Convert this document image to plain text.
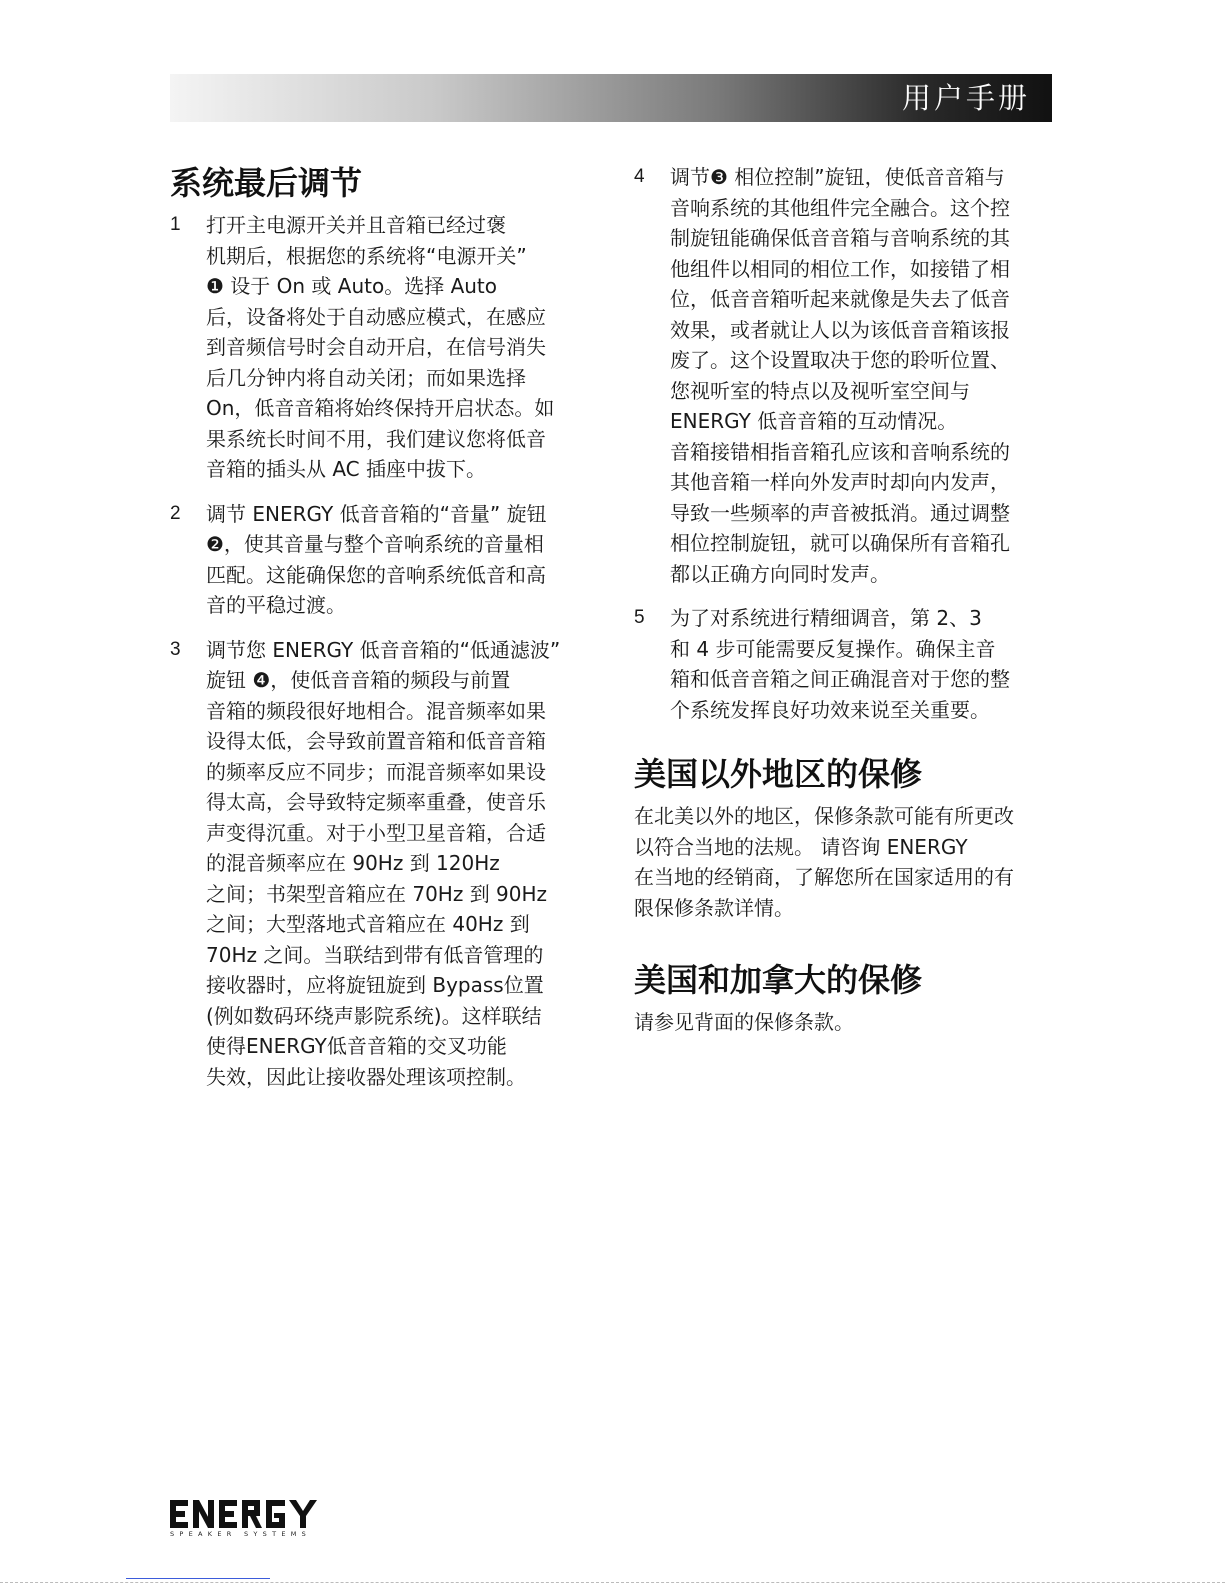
用户手册
系统最后调节
1	打开主电源开关并且音箱已经过褒
机期后，根据您的系统将“电源开关”
❶ 设于 On 或 Auto。选择 Auto
后，设备将处于自动感应模式，在感应
到音频信号时会自动开启，在信号消失
后几分钟内将自动关闭；而如果选择
On，低音音箱将始终保持开启状态。如
果系统长时间不用，我们建议您将低音
音箱的插头从 AC 插座中拔下。
2	调节 ENERGY 低音音箱的“音量” 旋钮
❷，使其音量与整个音响系统的音量相
匹配。这能确保您的音响系统低音和高
音的平稳过渡。
3	调节您 ENERGY 低音音箱的“低通滤波”
旋钮 ❹，使低音音箱的频段与前置
音箱的频段很好地相合。混音频率如果
设得太低，会导致前置音箱和低音音箱
的频率反应不同步；而混音频率如果设
得太高，会导致特定频率重叠，使音乐
声变得沉重。对于小型卫星音箱，合适
的混音频率应在 90Hz 到 120Hz
之间；书架型音箱应在 70Hz 到 90Hz
之间；大型落地式音箱应在 40Hz 到
70Hz 之间。当联结到带有低音管理的
接收器时，应将旋钮旋到 Bypass位置
(例如数码环绕声影院系统)。这样联结
使得ENERGY低音音箱的交叉功能
失效，因此让接收器处理该项控制。
4	调节❸ 相位控制”旋钮，使低音音箱与
音响系统的其他组件完全融合。这个控
制旋钮能确保低音音箱与音响系统的其
他组件以相同的相位工作，如接错了相
位，低音音箱听起来就像是失去了低音
效果，或者就让人以为该低音音箱该报
废了。这个设置取决于您的聆听位置、
您视听室的特点以及视听室空间与
ENERGY 低音音箱的互动情况。
音箱接错相指音箱孔应该和音响系统的
其他音箱一样向外发声时却向内发声，
导致一些频率的声音被抵消。通过调整
相位控制旋钮，就可以确保所有音箱孔
都以正确方向同时发声。
5	为了对系统进行精细调音，第 2、3
和 4 步可能需要反复操作。确保主音
箱和低音音箱之间正确混音对于您的整
个系统发挥良好功效来说至关重要。
美国以外地区的保修
在北美以外的地区，保修条款可能有所更改
以符合当地的法规。 请咨询 ENERGY
在当地的经销商，了解您所在国家适用的有
限保修条款详情。
美国和加拿大的保修
请参见背面的保修条款。
SPEAKER SYSTEMS
